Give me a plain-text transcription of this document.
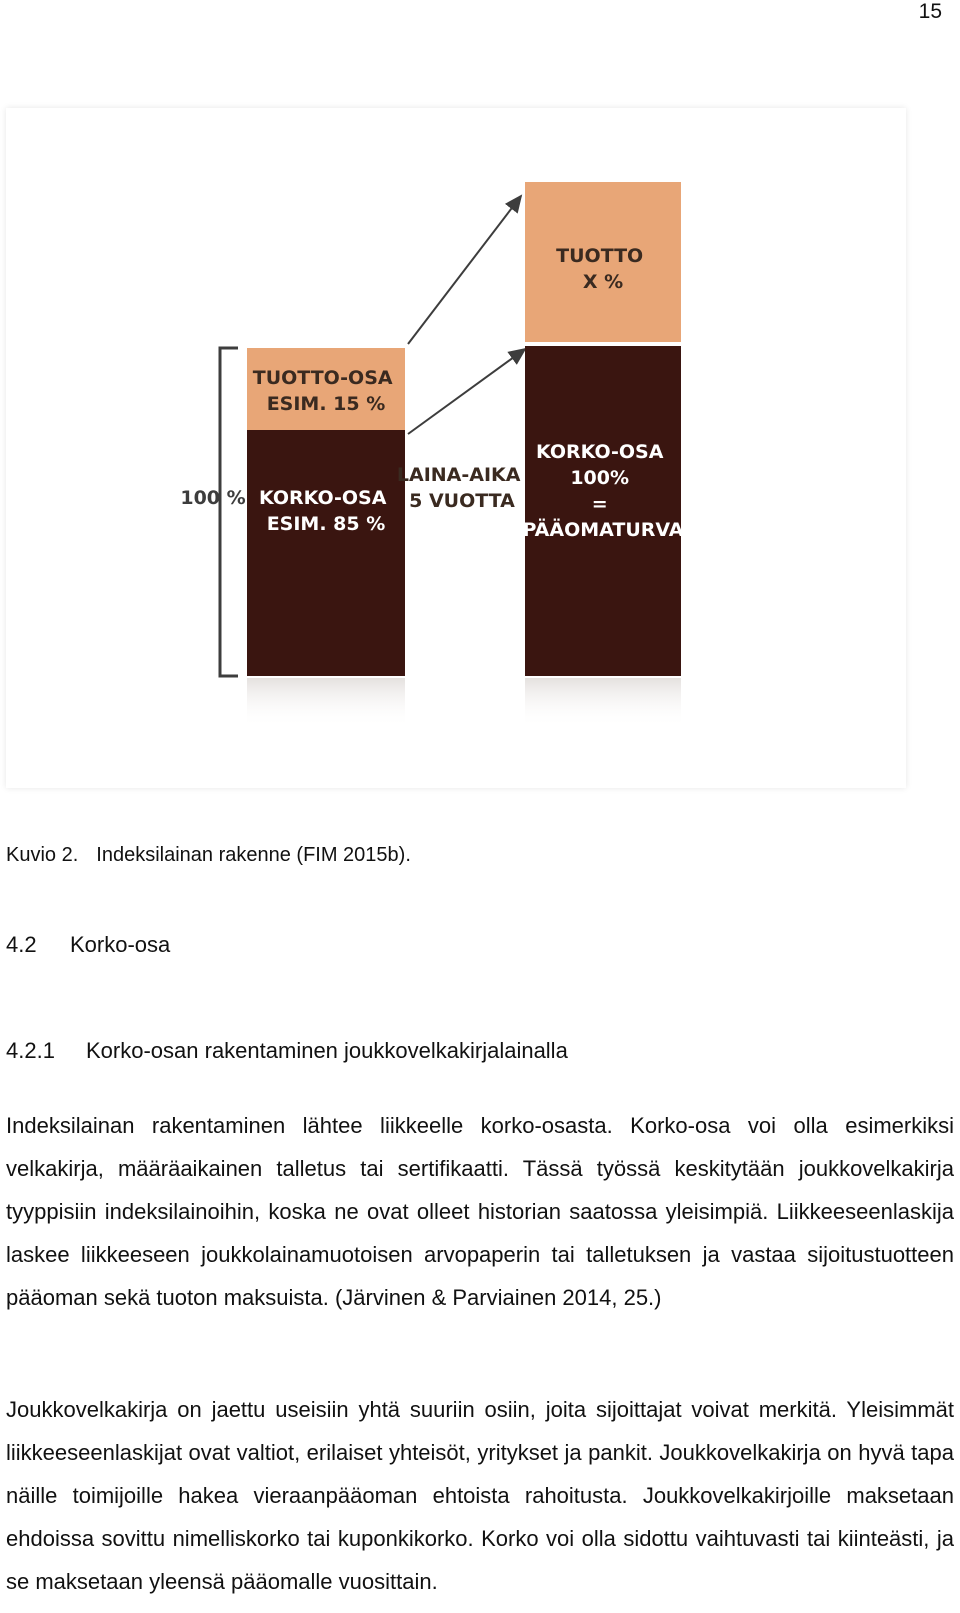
15
100 %
TUOTTO-OSA ESIM. 15 %
KORKO-OSA ESIM. 85 %
LAINA-AIKA 5 VUOTTA
TUOTTO X %
KORKO-OSA 100% = PÄÄOMATURVA
Kuvio 2. Indeksilainan rakenne (FIM 2015b).
4.2 Korko-osa
4.2.1 Korko-osan rakentaminen joukkovelkakirjalainalla

Indeksilainan rakentaminen lähtee liikkeelle korko-osasta. Korko-osa voi olla esimerkiksi velkakirja, määräaikainen talletus tai sertifikaatti. Tässä työssä keskitytään joukkovelkakirja tyyppisiin indeksilainoihin, koska ne ovat olleet historian saatossa yleisimpiä. Liikkeeseenlaskija laskee liikkeeseen joukkolainamuotoisen arvopaperin tai talletuksen ja vastaa sijoitustuotteen pääoman sekä tuoton maksuista. (Järvinen & Parviainen 2014, 25.)

Joukkovelkakirja on jaettu useisiin yhtä suuriin osiin, joita sijoittajat voivat merkitä. Yleisimmät liikkeeseenlaskijat ovat valtiot, erilaiset yhteisöt, yritykset ja pankit. Joukkovelkakirja on hyvä tapa näille toimijoille hakea vieraanpääoman ehtoista rahoitusta. Joukkovelkakirjoille maksetaan ehdoissa sovittu nimelliskorko tai kuponkikorko. Korko voi olla sidottu vaihtuvasti tai kiinteästi, ja se maksetaan yleensä pääomalle vuosittain.
